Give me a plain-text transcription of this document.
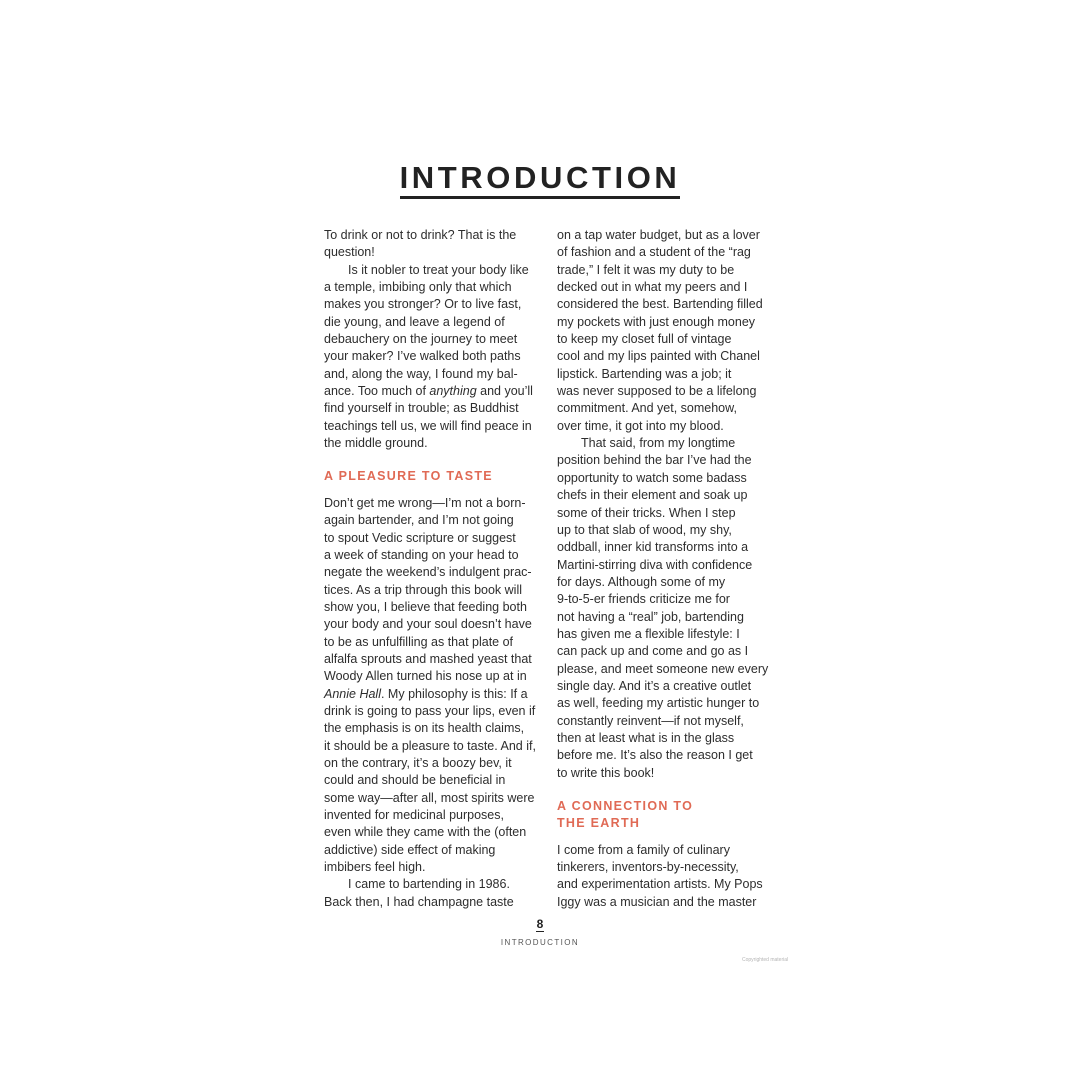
INTRODUCTION

To drink or not to drink? That is the
question!

Is it nobler to treat your body like
a temple, imbibing only that which
makes you stronger? Or to live fast,
die young, and leave a legend of
debauchery on the journey to meet
your maker? I’ve walked both paths
and, along the way, I found my bal-
ance. Too much of anything and you’ll
find yourself in trouble; as Buddhist
teachings tell us, we will find peace in
the middle ground.

A PLEASURE TO TASTE

Don’t get me wrong—I’m not a born-
again bartender, and I’m not going
to spout Vedic scripture or suggest
a week of standing on your head to
negate the weekend’s indulgent prac-
tices. As a trip through this book will
show you, I believe that feeding both
your body and your soul doesn’t have
to be as unfulfilling as that plate of
alfalfa sprouts and mashed yeast that
Woody Allen turned his nose up at in
Annie Hall. My philosophy is this: If a
drink is going to pass your lips, even if
the emphasis is on its health claims,
it should be a pleasure to taste. And if,
on the contrary, it’s a boozy bev, it
could and should be beneficial in
some way—after all, most spirits were
invented for medicinal purposes,
even while they came with the (often
addictive) side effect of making
imbibers feel high.

I came to bartending in 1986.
Back then, I had champagne taste

on a tap water budget, but as a lover
of fashion and a student of the “rag
trade,” I felt it was my duty to be
decked out in what my peers and I
considered the best. Bartending filled
my pockets with just enough money
to keep my closet full of vintage
cool and my lips painted with Chanel
lipstick. Bartending was a job; it
was never supposed to be a lifelong
commitment. And yet, somehow,
over time, it got into my blood.

That said, from my longtime
position behind the bar I’ve had the
opportunity to watch some badass
chefs in their element and soak up
some of their tricks. When I step
up to that slab of wood, my shy,
oddball, inner kid transforms into a
Martini-stirring diva with confidence
for days. Although some of my
9-to-5-er friends criticize me for
not having a “real” job, bartending
has given me a flexible lifestyle: I
can pack up and come and go as I
please, and meet someone new every
single day. And it’s a creative outlet
as well, feeding my artistic hunger to
constantly reinvent—if not myself,
then at least what is in the glass
before me. It’s also the reason I get
to write this book!

A CONNECTION TO
THE EARTH

I come from a family of culinary
tinkerers, inventors-by-necessity,
and experimentation artists. My Pops
Iggy was a musician and the master

8
INTRODUCTION
Copyrighted material
